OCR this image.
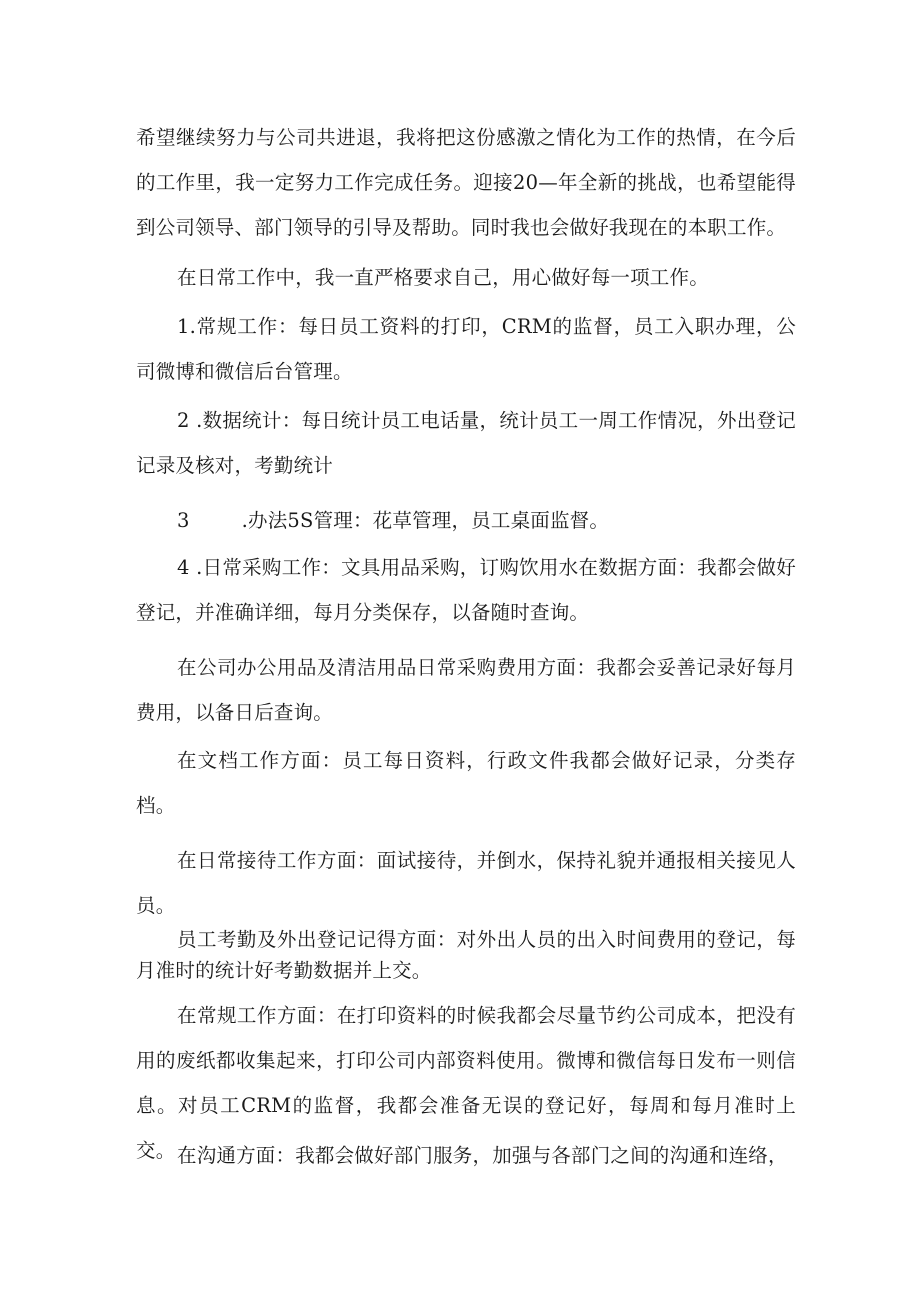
希望继续努力与公司共进退，我将把这份感激之情化为工作的热情，在今后的工作里，我一定努力工作完成任务。迎接20—年全新的挑战，也希望能得到公司领导、部门领导的引导及帮助。同时我也会做好我现在的本职工作。

在日常工作中，我一直严格要求自己，用心做好每一项工作。

1.常规工作：每日员工资料的打印，CRM的监督，员工入职办理，公司微博和微信后台管理。

2 .数据统计：每日统计员工电话量，统计员工一周工作情况，外出登记记录及核对，考勤统计

3	.办法5S管理：花草管理，员工桌面监督。

4 .日常采购工作：文具用品采购，订购饮用水在数据方面：我都会做好登记，并准确详细，每月分类保存，以备随时查询。

在公司办公用品及清洁用品日常采购费用方面：我都会妥善记录好每月费用，以备日后查询。

在文档工作方面：员工每日资料，行政文件我都会做好记录，分类存档。

在日常接待工作方面：面试接待，并倒水，保持礼貌并通报相关接见人员。

员工考勤及外出登记记得方面：对外出人员的出入时间费用的登记，每月准时的统计好考勤数据并上交。

在常规工作方面：在打印资料的时候我都会尽量节约公司成本，把没有用的废纸都收集起来，打印公司内部资料使用。微博和微信每日发布一则信息。对员工CRM的监督，我都会准备无误的登记好，每周和每月准时上交。 在沟通方面：我都会做好部门服务，加强与各部门之间的沟通和连络，
